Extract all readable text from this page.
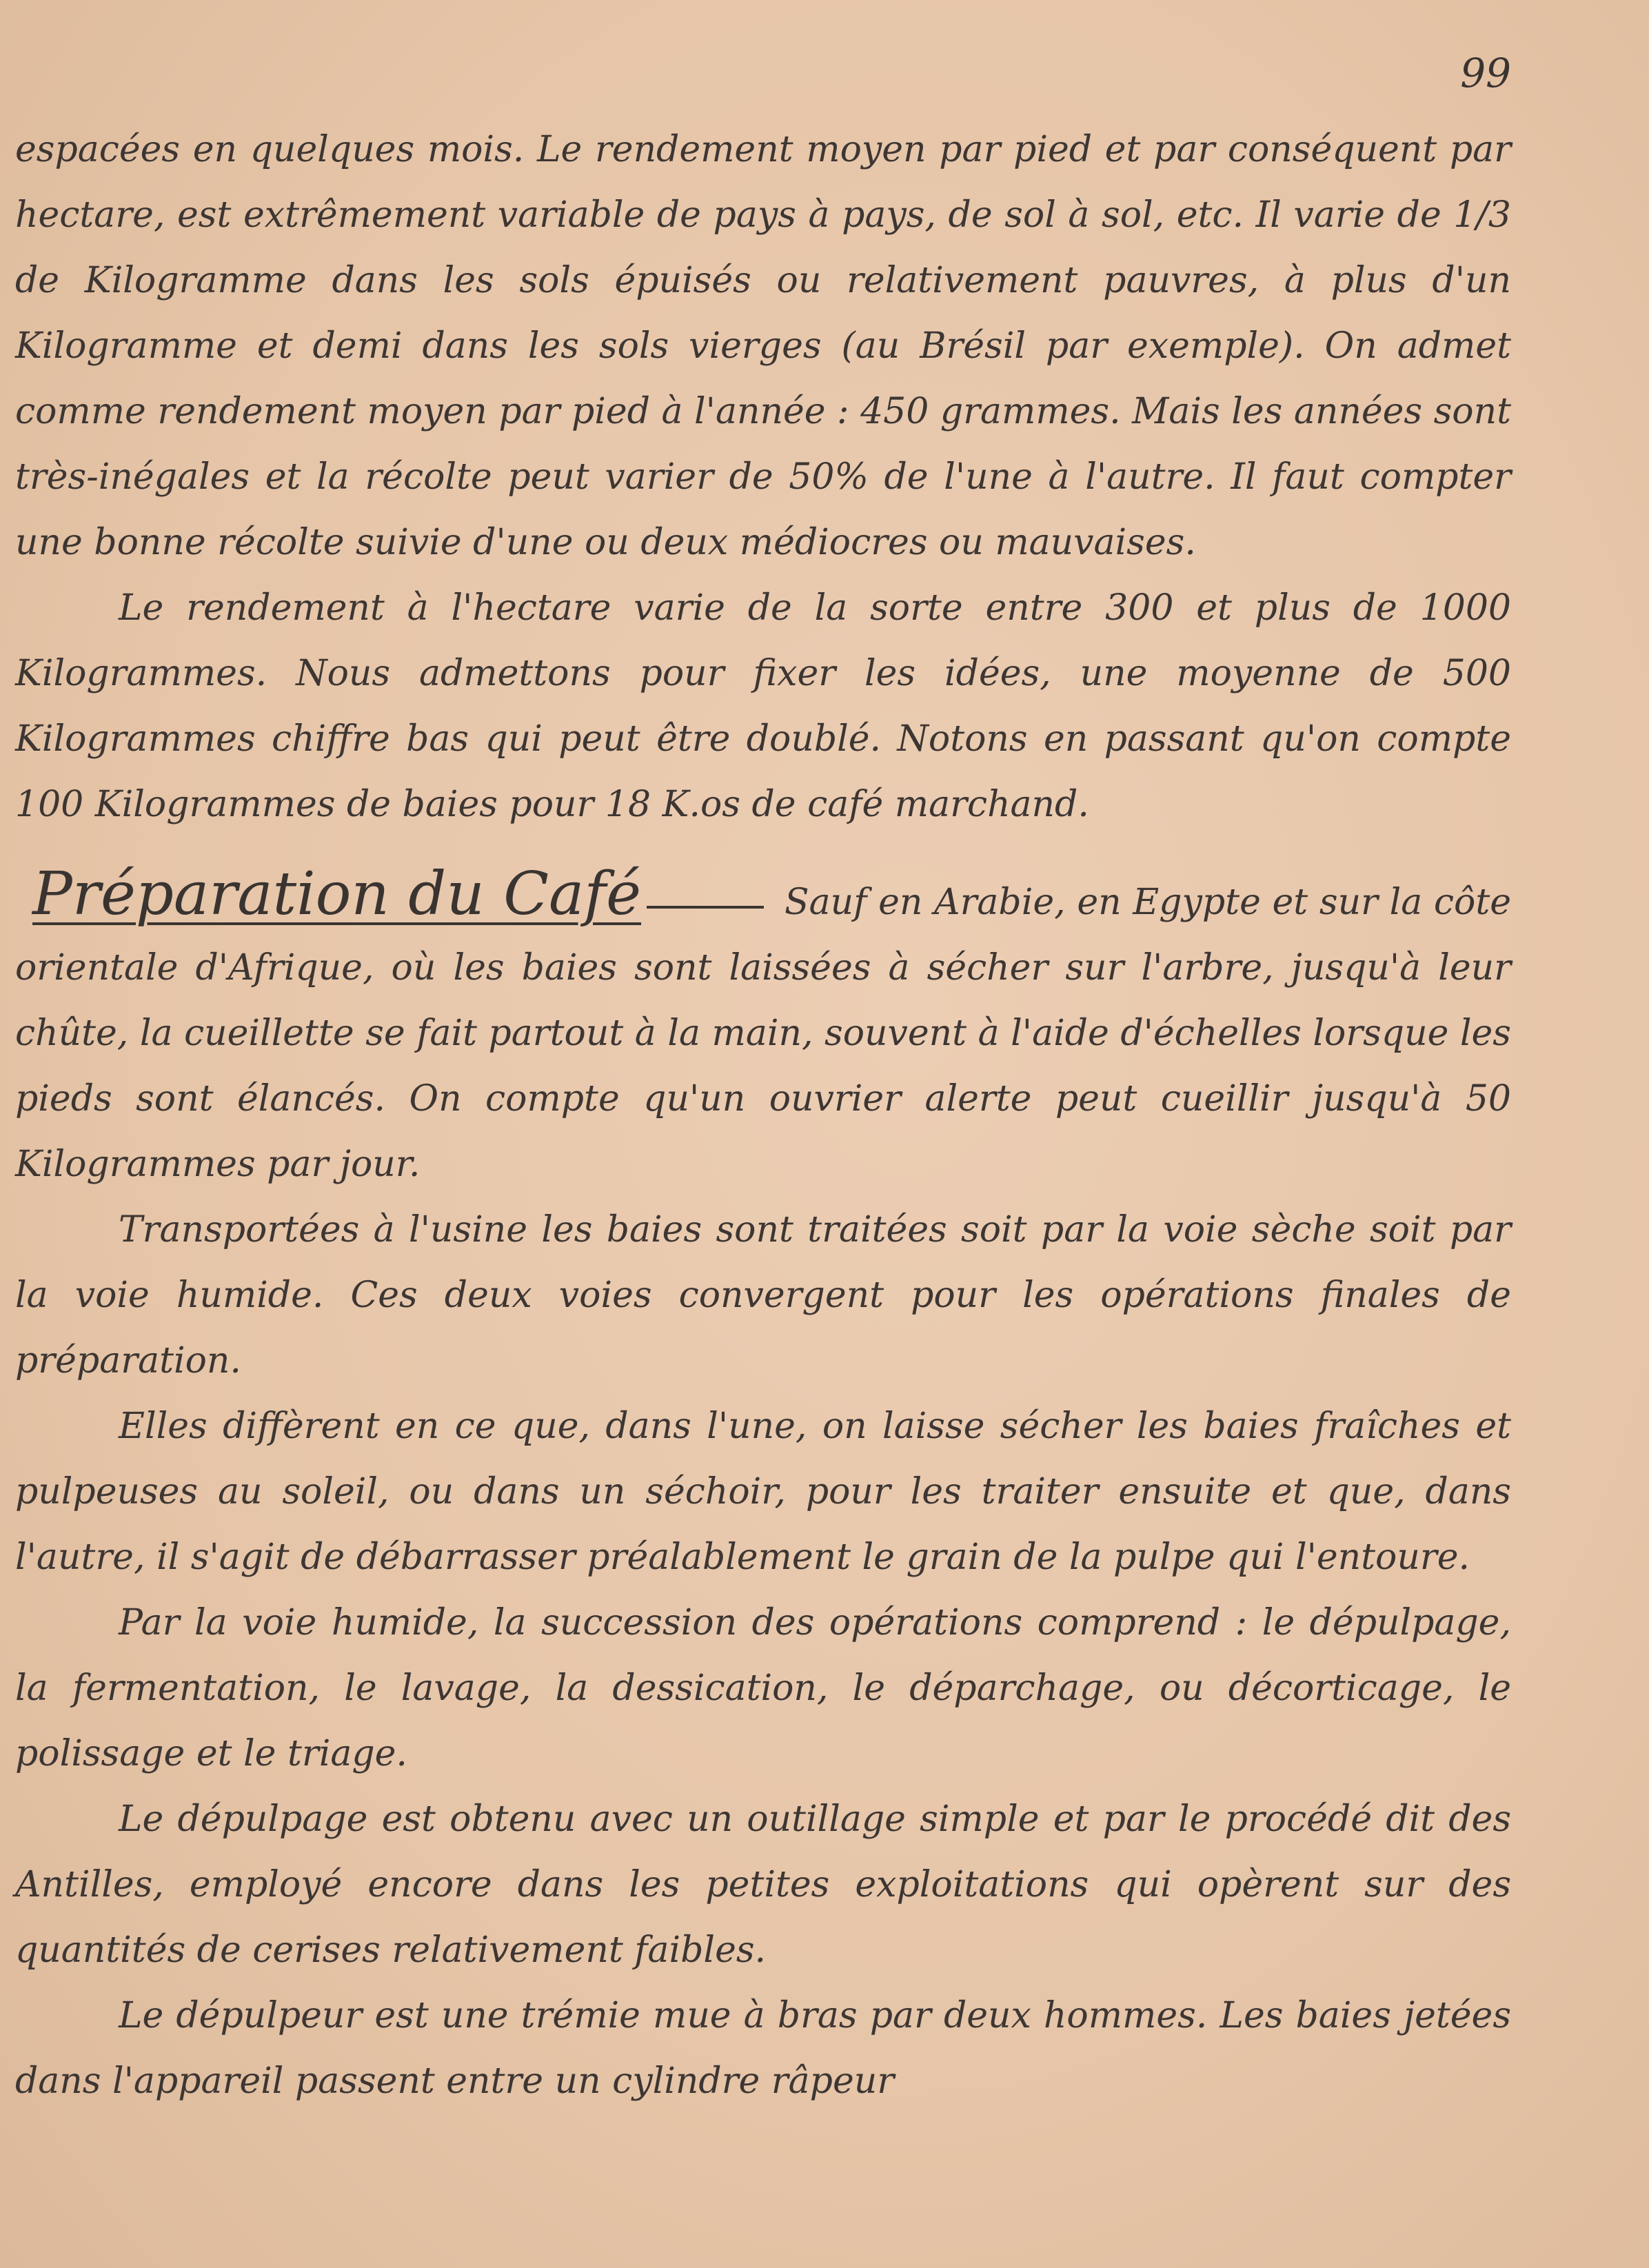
99

espacées en quelques mois. Le rendement moyen par pied et par conséquent par hectare, est extrêmement variable de pays à pays, de sol à sol, etc. Il varie de 1/3 de Kilogramme dans les sols épuisés ou relativement pauvres, à plus d'un Kilogramme et demi dans les sols vierges (au Brésil par exemple). On admet comme rendement moyen par pied à l'année : 450 grammes. Mais les années sont très-inégales et la récolte peut varier de 50% de l'une à l'autre. Il faut compter une bonne récolte suivie d'une ou deux médiocres ou mauvaises.

Le rendement à l'hectare varie de la sorte entre 300 et plus de 1000 Kilogrammes. Nous admettons pour fixer les idées, une moyenne de 500 Kilogrammes chiffre bas qui peut être doublé. Notons en passant qu'on compte 100 Kilogrammes de baies pour 18 K.os de café marchand.

Préparation du Café	Sauf en Arabie, en Egypte et sur la côte orientale d'Afrique, où les baies sont laissées à sécher sur l'arbre, jusqu'à leur chûte, la cueillette se fait partout à la main, souvent à l'aide d'échelles lorsque les pieds sont élancés. On compte qu'un ouvrier alerte peut cueillir jusqu'à 50 Kilogrammes par jour.

Transportées à l'usine les baies sont traitées soit par la voie sèche soit par la voie humide. Ces deux voies convergent pour les opérations finales de préparation.

Elles diffèrent en ce que, dans l'une, on laisse sécher les baies fraîches et pulpeuses au soleil, ou dans un séchoir, pour les traiter ensuite et que, dans l'autre, il s'agit de débarrasser préalablement le grain de la pulpe qui l'entoure.

Par la voie humide, la succession des opérations comprend : le dépulpage, la fermentation, le lavage, la dessication, le déparchage, ou décorticage, le polissage et le triage.

Le dépulpage est obtenu avec un outillage simple et par le procédé dit des Antilles, employé encore dans les petites exploitations qui opèrent sur des quantités de cerises relativement faibles.

Le dépulpeur est une trémie mue à bras par deux hommes. Les baies jetées dans l'appareil passent entre un cylindre râpeur
